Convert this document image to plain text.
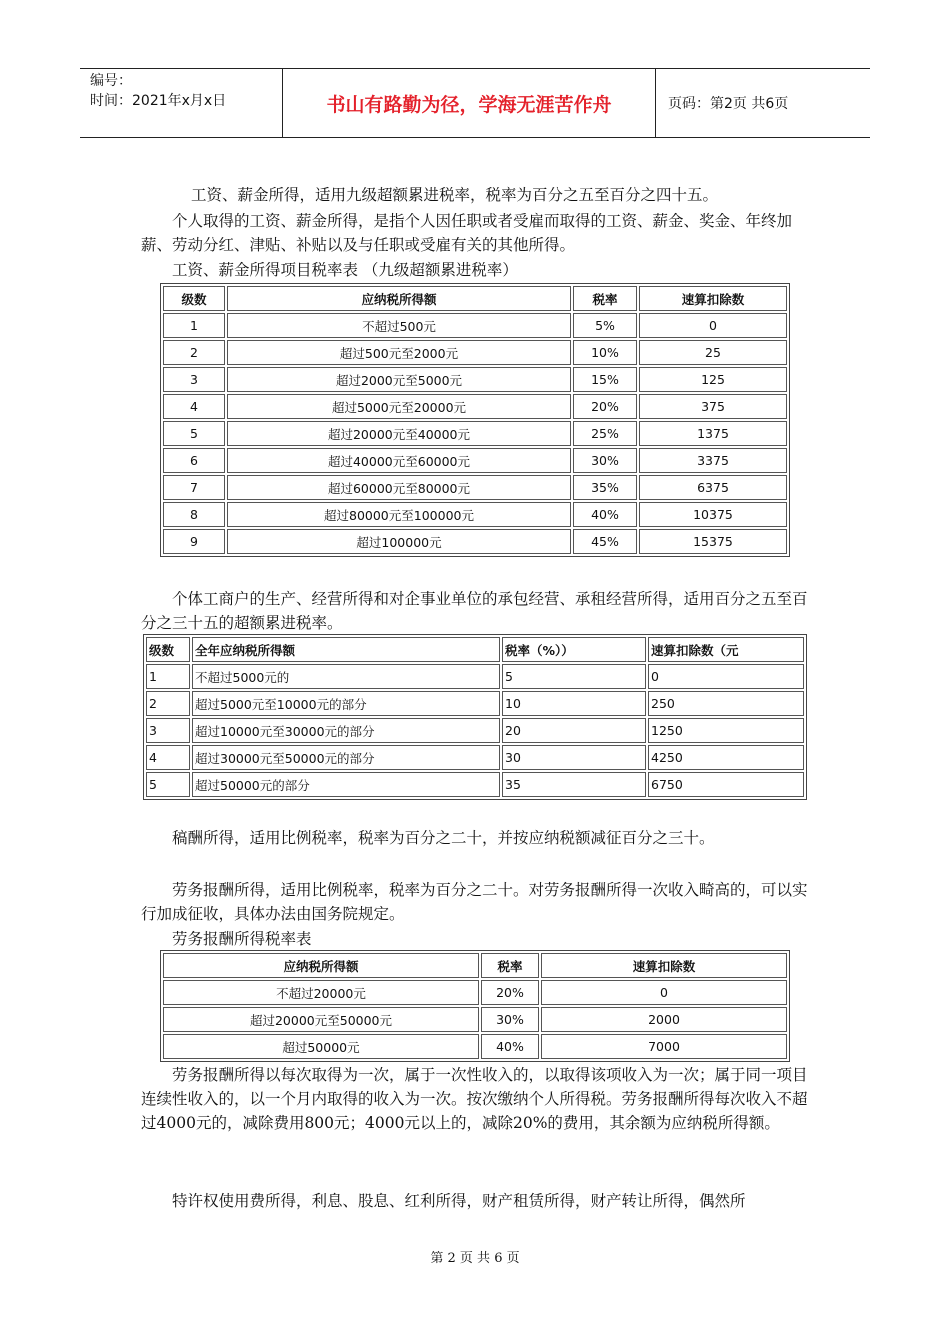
编号：
时间：2021年x月x日	书山有路勤为径，学海无涯苦作舟	页码：第2页 共6页
工资、薪金所得，适用九级超额累进税率，税率为百分之五至百分之四十五。
个人取得的工资、薪金所得，是指个人因任职或者受雇而取得的工资、薪金、奖金、年终加薪、劳动分红、津贴、补贴以及与任职或受雇有关的其他所得。
工资、薪金所得项目税率表 （九级超额累进税率）
级数	应纳税所得额	税率	速算扣除数
1	不超过500元	5%	0
2	超过500元至2000元	10%	25
3	超过2000元至5000元	15%	125
4	超过5000元至20000元	20%	375
5	超过20000元至40000元	25%	1375
6	超过40000元至60000元	30%	3375
7	超过60000元至80000元	35%	6375
8	超过80000元至100000元	40%	10375
9	超过100000元	45%	15375
个体工商户的生产、经营所得和对企事业单位的承包经营、承租经营所得，适用百分之五至百分之三十五的超额累进税率。
级数	全年应纳税所得额	税率（%））	速算扣除数（元
1	不超过5000元的	5	0
2	超过5000元至10000元的部分	10	250
3	超过10000元至30000元的部分	20	1250
4	超过30000元至50000元的部分	30	4250
5	超过50000元的部分	35	6750
稿酬所得，适用比例税率，税率为百分之二十，并按应纳税额减征百分之三十。
劳务报酬所得，适用比例税率，税率为百分之二十。对劳务报酬所得一次收入畸高的，可以实行加成征收，具体办法由国务院规定。
劳务报酬所得税率表
应纳税所得额	税率	速算扣除数
不超过20000元	20%	0
超过20000元至50000元	30%	2000
超过50000元	40%	7000
劳务报酬所得以每次取得为一次，属于一次性收入的，以取得该项收入为一次；属于同一项目连续性收入的，以一个月内取得的收入为一次。按次缴纳个人所得税。劳务报酬所得每次收入不超过4000元的，减除费用800元；4000元以上的，减除20%的费用，其余额为应纳税所得额。
特许权使用费所得，利息、股息、红利所得，财产租赁所得，财产转让所得，偶然所
第 2 页 共 6 页
